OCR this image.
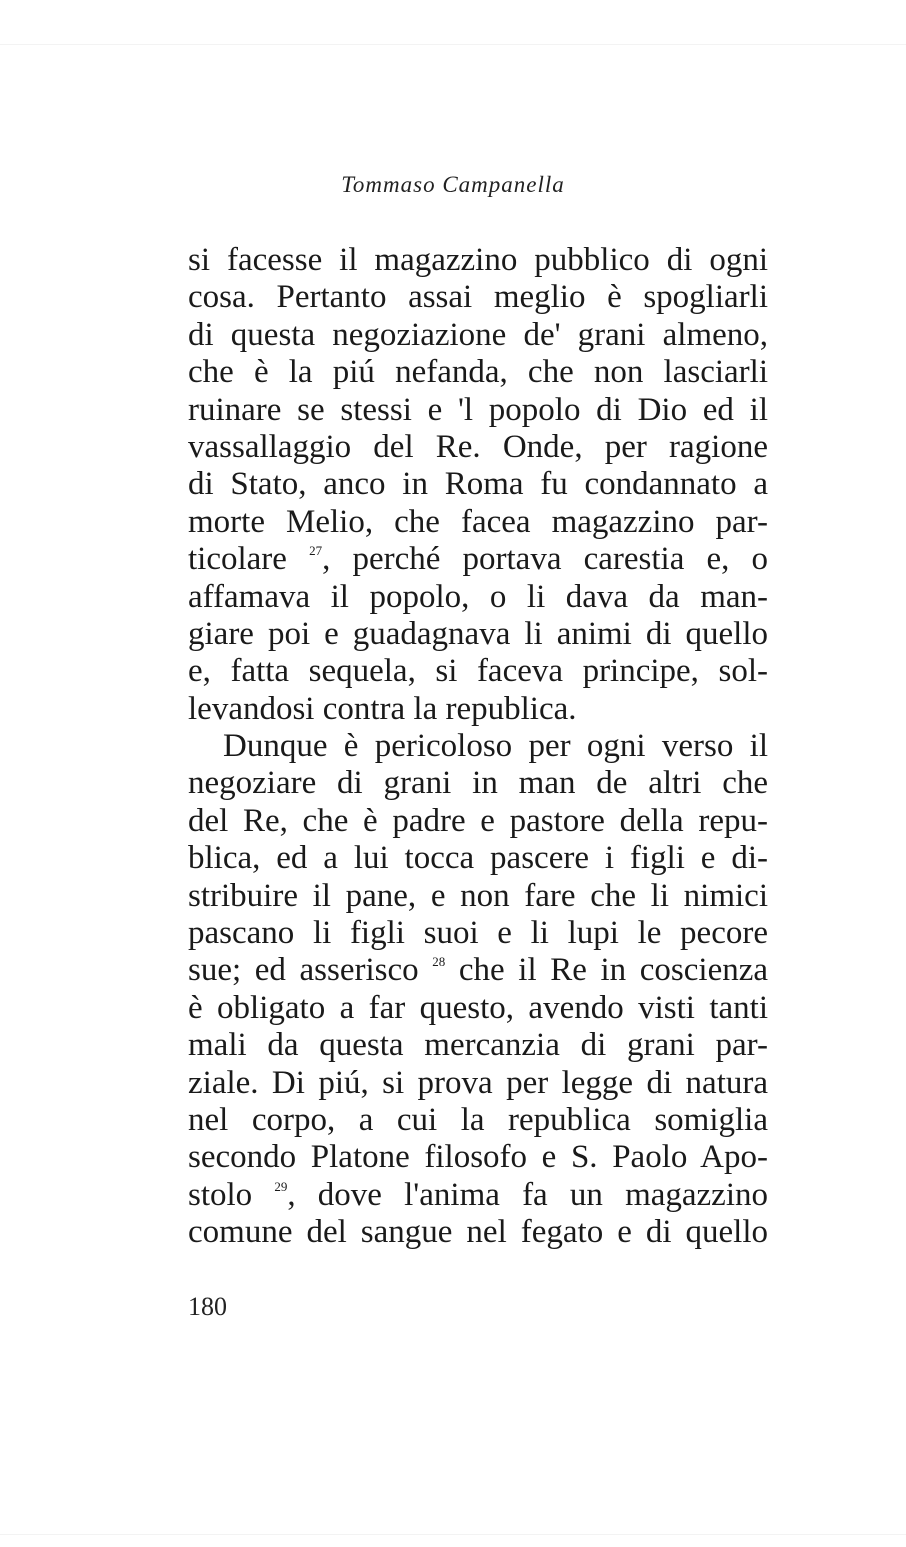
Tommaso Campanella
si facesse il magazzino pubblico di ogni
cosa. Pertanto assai meglio è spogliarli
di questa negoziazione de' grani almeno,
che è la piú nefanda, che non lasciarli
ruinare se stessi e 'l popolo di Dio ed il
vassallaggio del Re. Onde, per ragione
di Stato, anco in Roma fu condannato a
morte Melio, che facea magazzino par-
ticolare $^{27}$, perché portava carestia e, o
affamava il popolo, o li dava da man-
giare poi e guadagnava li animi di quello
e, fatta sequela, si faceva principe, sol-
levandosi contra la republica.
Dunque è pericoloso per ogni verso il
negoziare di grani in man de altri che
del Re, che è padre e pastore della repu-
blica, ed a lui tocca pascere i figli e di-
stribuire il pane, e non fare che li nimici
pascano li figli suoi e li lupi le pecore
sue; ed asserisco $^{28}$ che il Re in coscienza
è obligato a far questo, avendo visti tanti
mali da questa mercanzia di grani par-
ziale. Di piú, si prova per legge di natura
nel corpo, a cui la republica somiglia
secondo Platone filosofo e S. Paolo Apo-
stolo $^{29}$, dove l'anima fa un magazzino
comune del sangue nel fegato e di quello
180
